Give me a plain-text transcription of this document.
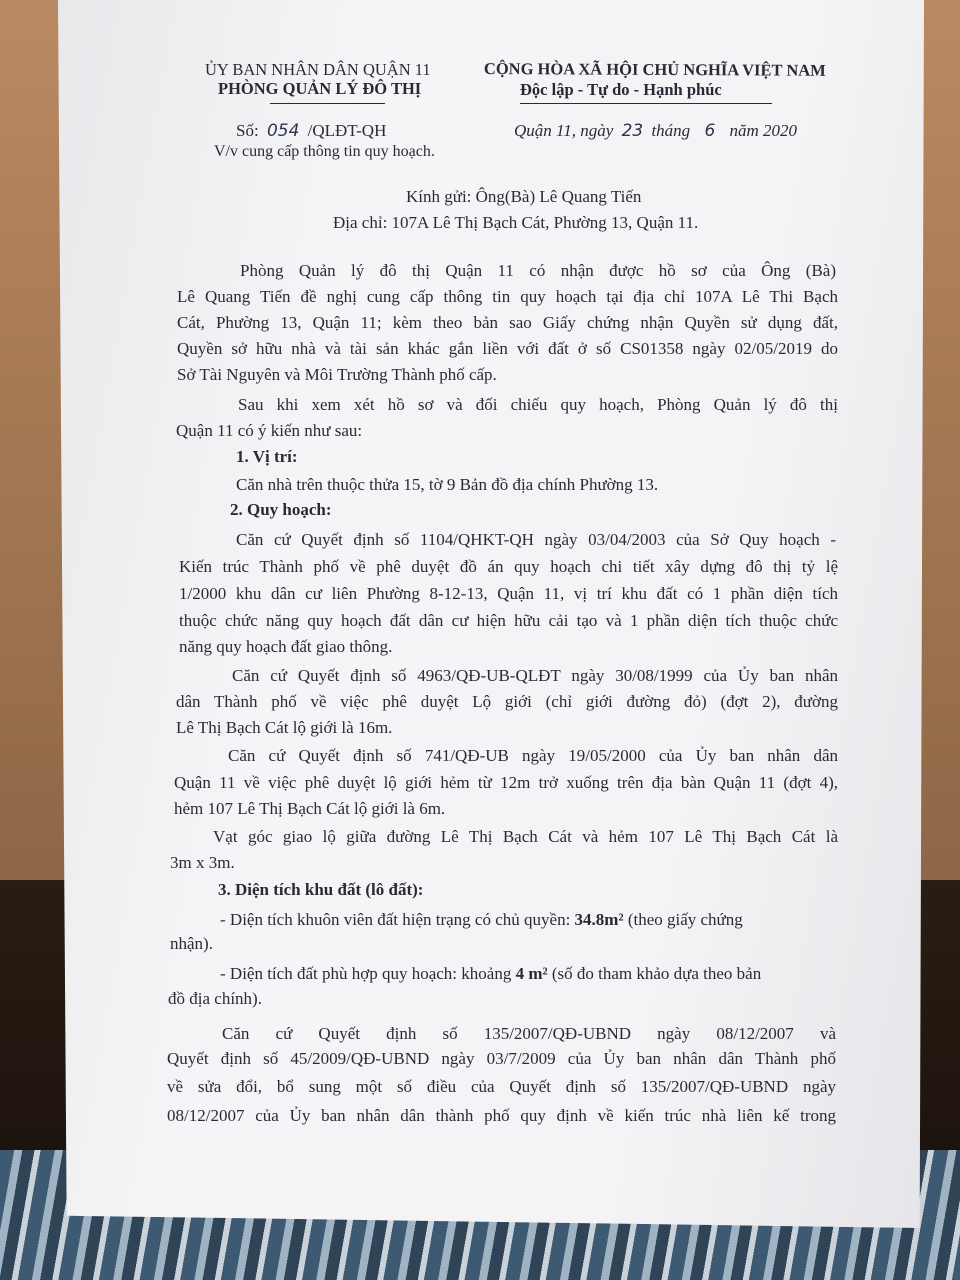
ỦY BAN NHÂN DÂN QUẬN 11
PHÒNG QUẢN LÝ ĐÔ THỊ
CỘNG HÒA XÃ HỘI CHỦ NGHĨA VIỆT NAM
Độc lập - Tự do - Hạnh phúc
Số: 054 /QLĐT-QH
V/v cung cấp thông tin quy hoạch.
Quận 11, ngày 23 tháng 6 năm 2020
Kính gửi: Ông(Bà) Lê Quang Tiến
Địa chỉ: 107A Lê Thị Bạch Cát, Phường 13, Quận 11.
Phòng Quản lý đô thị Quận 11 có nhận được hồ sơ của Ông (Bà)
Lê Quang Tiến đề nghị cung cấp thông tin quy hoạch tại địa chỉ 107A Lê Thi Bạch
Cát, Phường 13, Quận 11; kèm theo bản sao Giấy chứng nhận Quyền sử dụng đất,
Quyền sở hữu nhà và tài sản khác gắn liền với đất ở số CS01358 ngày 02/05/2019 do
Sở Tài Nguyên và Môi Trường Thành phố cấp.
Sau khi xem xét hồ sơ và đối chiếu quy hoạch, Phòng Quản lý đô thị
Quận 11 có ý kiến như sau:
1. Vị trí:
Căn nhà trên thuộc thửa 15, tờ 9 Bản đồ địa chính Phường 13.
2. Quy hoạch:
Căn cứ Quyết định số 1104/QHKT-QH ngày 03/04/2003 của Sở Quy hoạch -
Kiến trúc Thành phố về phê duyệt đồ án quy hoạch chi tiết xây dựng đô thị tỷ lệ
1/2000 khu dân cư liên Phường 8-12-13, Quận 11, vị trí khu đất có 1 phần diện tích
thuộc chức năng quy hoạch đất dân cư hiện hữu cải tạo và 1 phần diện tích thuộc chức
năng quy hoạch đất giao thông.
Căn cứ Quyết định số 4963/QĐ-UB-QLĐT ngày 30/08/1999 của Ủy ban nhân
dân Thành phố về việc phê duyệt Lộ giới (chỉ giới đường đỏ) (đợt 2), đường
Lê Thị Bạch Cát lộ giới là 16m.
Căn cứ Quyết định số 741/QĐ-UB ngày 19/05/2000 của Ủy ban nhân dân
Quận 11 về việc phê duyệt lộ giới hẻm từ 12m trở xuống trên địa bàn Quận 11 (đợt 4),
hẻm 107 Lê Thị Bạch Cát lộ giới là 6m.
Vạt góc giao lộ giữa đường Lê Thị Bạch Cát và hẻm 107 Lê Thị Bạch Cát là
3m x 3m.
3. Diện tích khu đất (lô đất):
- Diện tích khuôn viên đất hiện trạng có chủ quyền: 34.8m² (theo giấy chứng
nhận).
- Diện tích đất phù hợp quy hoạch: khoảng 4 m² (số đo tham khảo dựa theo bản
đồ địa chính).
Căn cứ Quyết định số 135/2007/QĐ-UBND ngày 08/12/2007 và
Quyết định số 45/2009/QĐ-UBND ngày 03/7/2009 của Ủy ban nhân dân Thành phố
về sửa đổi, bổ sung một số điều của Quyết định số 135/2007/QĐ-UBND ngày
08/12/2007 của Ủy ban nhân dân thành phố quy định về kiến trúc nhà liên kế trong
